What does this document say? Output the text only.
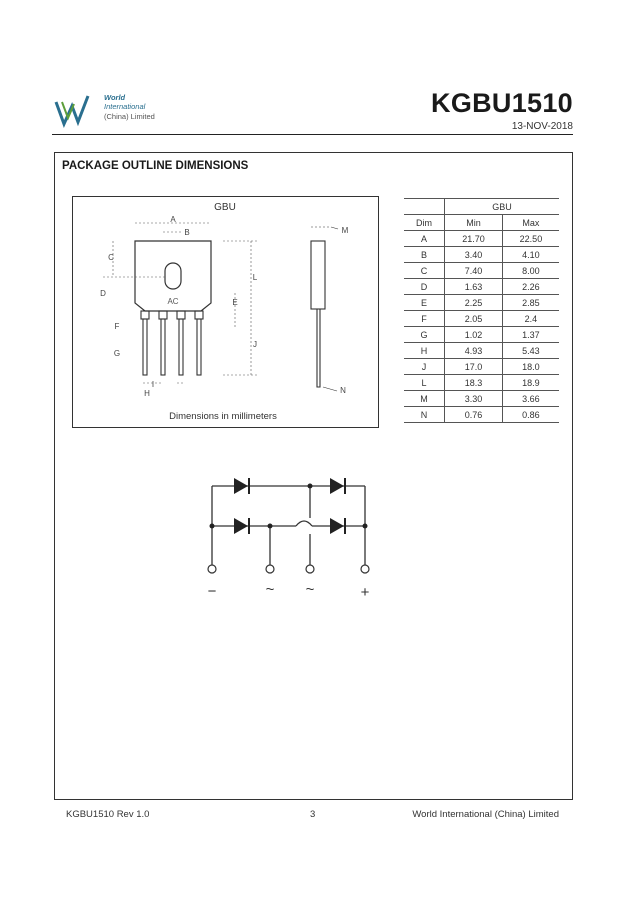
World
International
(China) Limited	KGBU1510
13-NOV-2018
PACKAGE OUTLINE DIMENSIONS
GBU
AC
A
B
C
D
E
F
G
H
I
J
L
M
N
Dimensions in millimeters
	GBU	
Dim	Min	Max
A	21.70	22.50
B	3.40	4.10
C	7.40	8.00
D	1.63	2.26
E	2.25	2.85
F	2.05	2.4
G	1.02	1.37
H	4.93	5.43
J	17.0	18.0
L	18.3	18.9
M	3.30	3.66
N	0.76	0.86
−	~ ~	+
KGBU1510 Rev 1.0	3	World International (China) Limited
